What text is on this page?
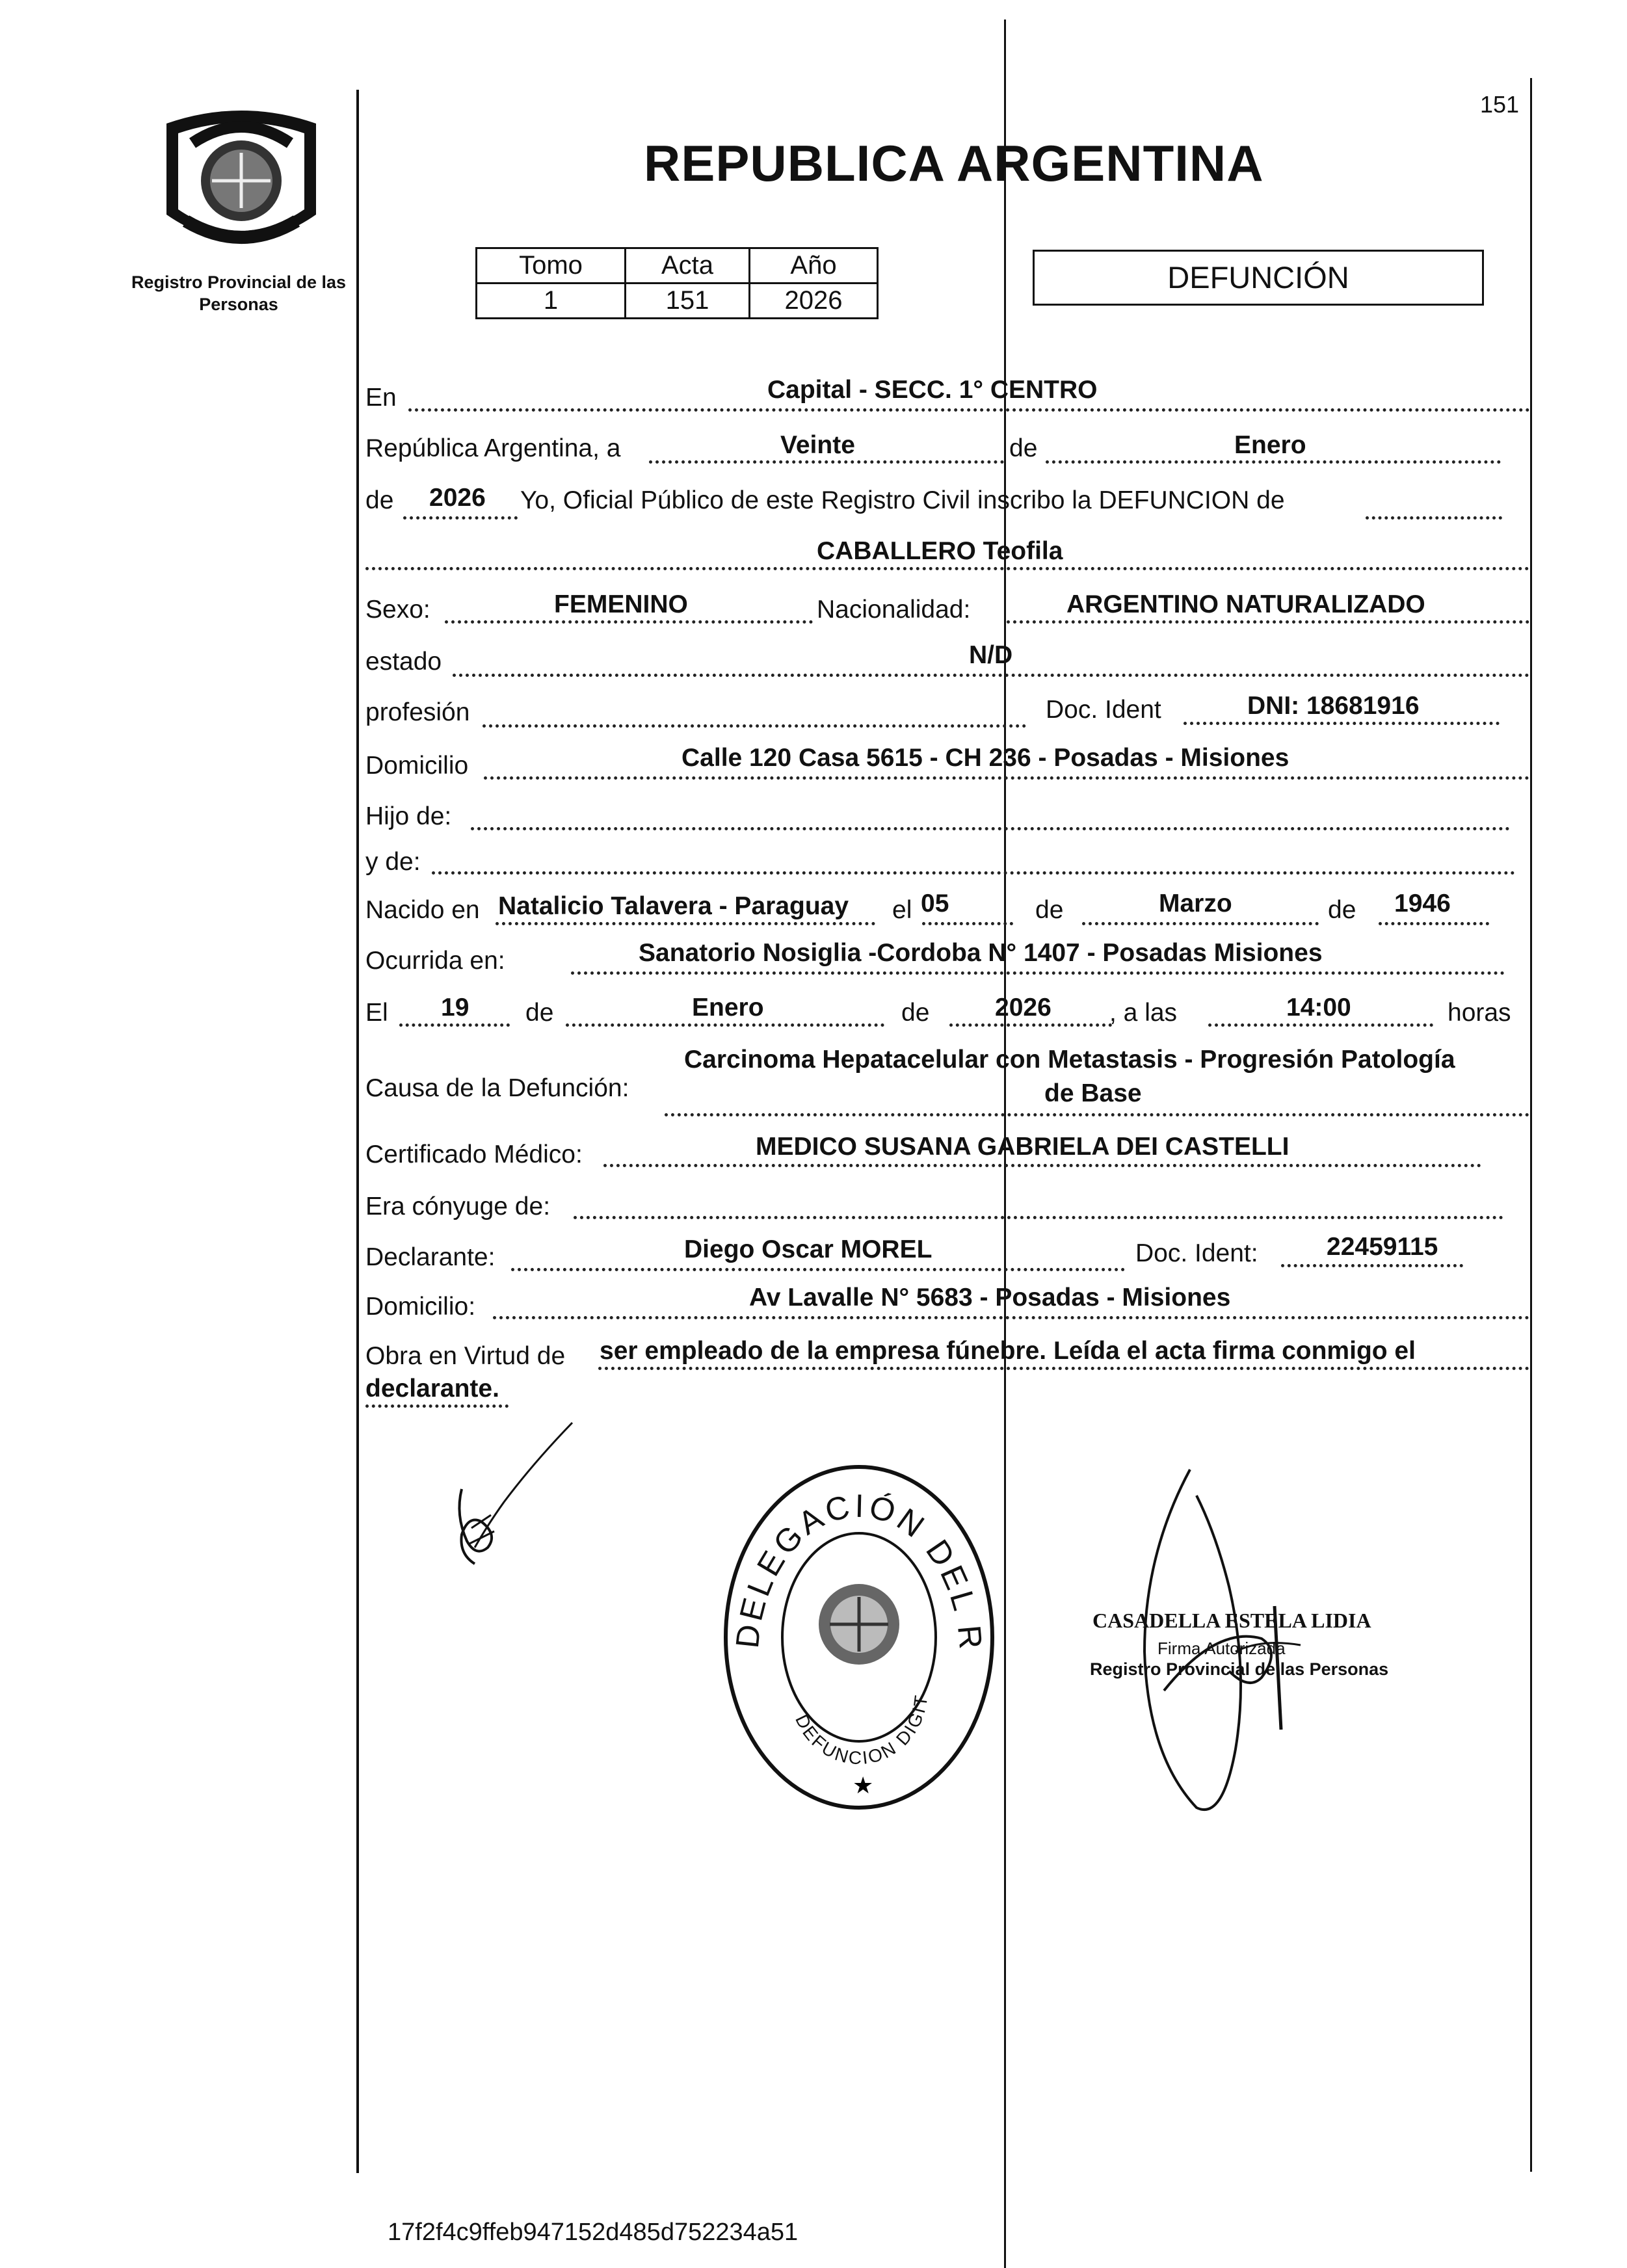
Registro Provincial de las Personas
151
REPUBLICA ARGENTINA
Tomo	Acta	Año
1	151	2026
DEFUNCIÓN
En	Capital - SECC. 1° CENTRO
República Argentina, a	Veinte	de	Enero
de 2026 Yo, Oficial Público de este Registro Civil inscribo la DEFUNCION de
CABALLERO Teofila
Sexo:	FEMENINO	Nacionalidad:	ARGENTINO NATURALIZADO
estado	N/D
profesión	Doc. Ident	DNI: 18681916
Domicilio	Calle 120 Casa 5615 - CH 236 - Posadas - Misiones
Hijo de:
y de:
Nacido en Natalicio Talavera - Paraguay el 05	de	Marzo	de 1946
Ocurrida en:	Sanatorio Nosiglia -Cordoba N° 1407 - Posadas Misiones
El 19 de	Enero	de	2026 , a las	14:00	horas
Causa de la Defunción:
Carcinoma Hepatacelular con Metastasis - Progresión Patología
de Base
Certificado Médico:	MEDICO SUSANA GABRIELA DEI CASTELLI
Era cónyuge de:
Declarante:	Diego Oscar MOREL	Doc. Ident:	22459115
Domicilio:	Av Lavalle N° 5683 - Posadas - Misiones
Obra en Virtud de ser empleado de la empresa fúnebre. Leída el acta firma conmigo el
declarante.
DELEGACIÓN DEL R
DEFUNCION DIGIT
★
CASADELLA ESTELA LIDIA
Firma Autorizada
Registro Provincial de las Personas
17f2f4c9ffeb947152d485d752234a51
